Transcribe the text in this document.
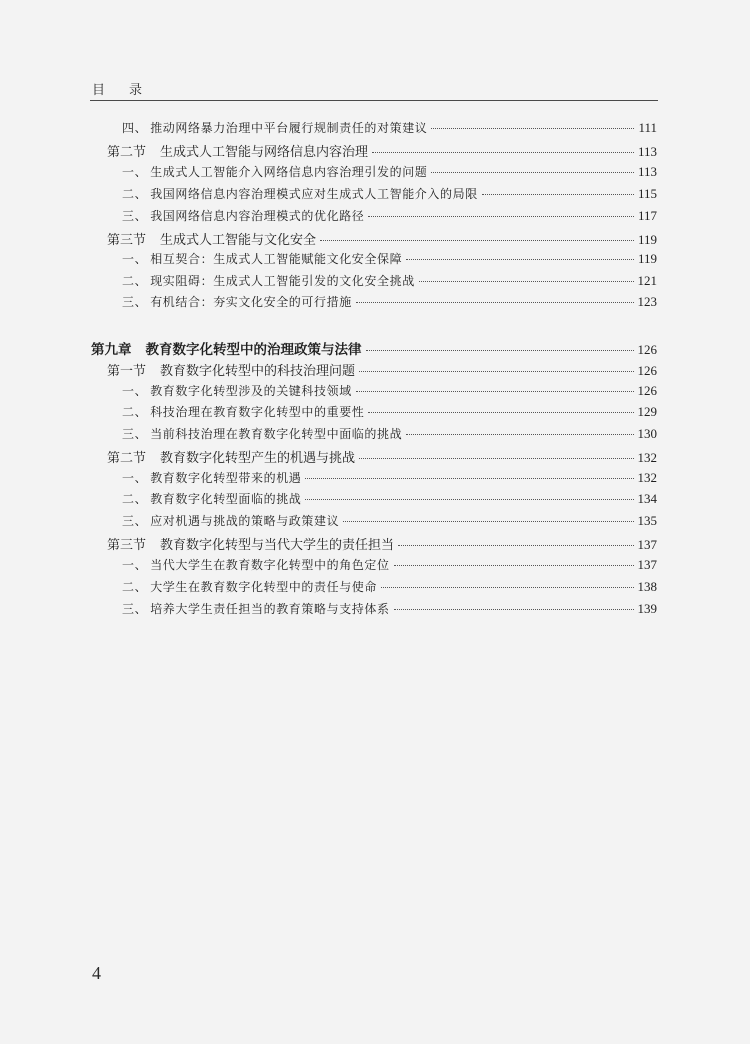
目 录
四、 推动网络暴力治理中平台履行规制责任的对策建议	111
第二节 生成式人工智能与网络信息内容治理	113
一、 生成式人工智能介入网络信息内容治理引发的问题	113
二、 我国网络信息内容治理模式应对生成式人工智能介入的局限	115
三、 我国网络信息内容治理模式的优化路径	117
第三节 生成式人工智能与文化安全	119
一、 相互契合：生成式人工智能赋能文化安全保障	119
二、 现实阻碍：生成式人工智能引发的文化安全挑战	121
三、 有机结合：夯实文化安全的可行措施	123
第九章 教育数字化转型中的治理政策与法律	126
第一节 教育数字化转型中的科技治理问题	126
一、 教育数字化转型涉及的关键科技领域	126
二、 科技治理在教育数字化转型中的重要性	129
三、 当前科技治理在教育数字化转型中面临的挑战	130
第二节 教育数字化转型产生的机遇与挑战	132
一、 教育数字化转型带来的机遇	132
二、 教育数字化转型面临的挑战	134
三、 应对机遇与挑战的策略与政策建议	135
第三节 教育数字化转型与当代大学生的责任担当	137
一、 当代大学生在教育数字化转型中的角色定位	137
二、 大学生在教育数字化转型中的责任与使命	138
三、 培养大学生责任担当的教育策略与支持体系	139
4
